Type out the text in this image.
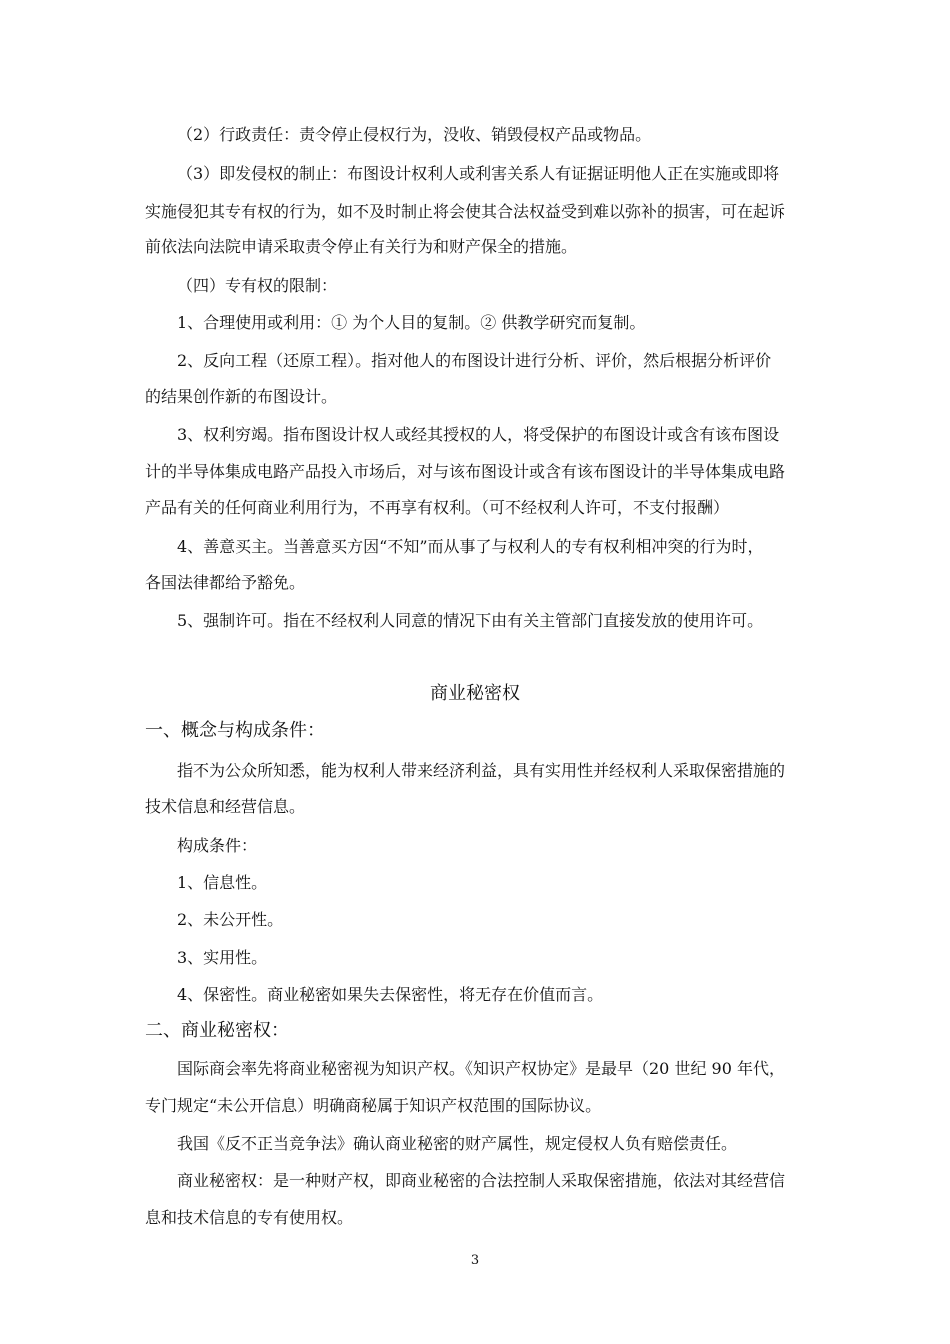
（2）行政责任：责令停止侵权行为，没收、销毁侵权产品或物品。
（3）即发侵权的制止：布图设计权利人或利害关系人有证据证明他人正在实施或即将
实施侵犯其专有权的行为，如不及时制止将会使其合法权益受到难以弥补的损害，可在起诉
前依法向法院申请采取责令停止有关行为和财产保全的措施。
（四）专有权的限制：
1、合理使用或利用：① 为个人目的复制。② 供教学研究而复制。
2、反向工程（还原工程）。指对他人的布图设计进行分析、评价，然后根据分析评价
的结果创作新的布图设计。
3、权利穷竭。指布图设计权人或经其授权的人，将受保护的布图设计或含有该布图设
计的半导体集成电路产品投入市场后，对与该布图设计或含有该布图设计的半导体集成电路
产品有关的任何商业利用行为，不再享有权利。（可不经权利人许可，不支付报酬）
4、善意买主。当善意买方因“不知”而从事了与权利人的专有权利相冲突的行为时，
各国法律都给予豁免。
5、强制许可。指在不经权利人同意的情况下由有关主管部门直接发放的使用许可。
商业秘密权
一、概念与构成条件：
指不为公众所知悉，能为权利人带来经济利益，具有实用性并经权利人采取保密措施的
技术信息和经营信息。
构成条件：
1、信息性。
2、未公开性。
3、实用性。
4、保密性。商业秘密如果失去保密性，将无存在价值而言。
二、商业秘密权：
国际商会率先将商业秘密视为知识产权。《知识产权协定》是最早（20 世纪 90 年代，
专门规定“未公开信息）明确商秘属于知识产权范围的国际协议。
我国《反不正当竞争法》确认商业秘密的财产属性，规定侵权人负有赔偿责任。
商业秘密权：是一种财产权，即商业秘密的合法控制人采取保密措施，依法对其经营信
息和技术信息的专有使用权。
3
